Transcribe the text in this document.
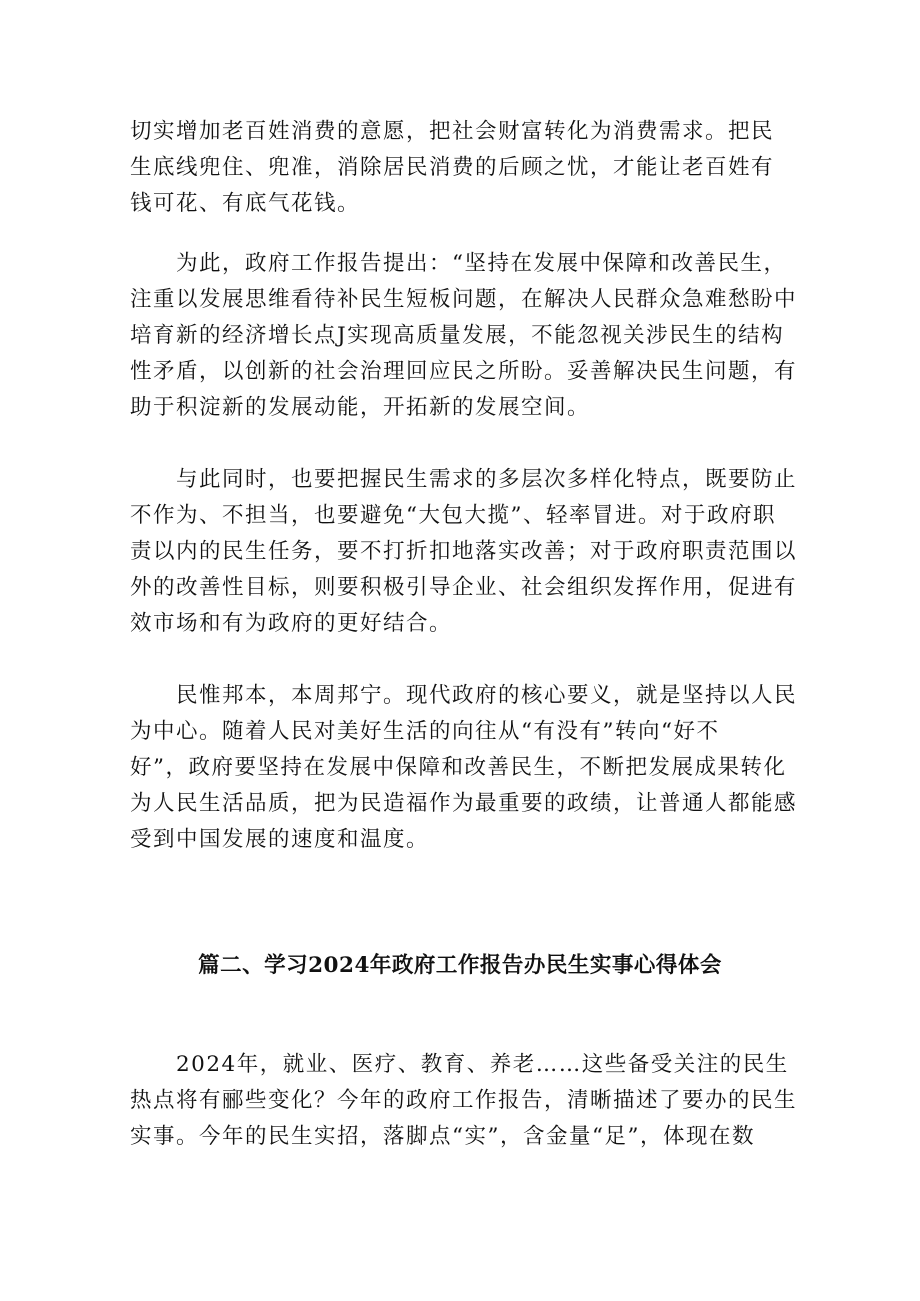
切实增加老百姓消费的意愿，把社会财富转化为消费需求。把民
生底线兜住、兜准，消除居民消费的后顾之忧，才能让老百姓有
钱可花、有底气花钱。
　　为此，政府工作报告提出：“坚持在发展中保障和改善民生，
注重以发展思维看待补民生短板问题，在解决人民群众急难愁盼中
培育新的经济增长点J实现高质量发展，不能忽视关涉民生的结构
性矛盾，以创新的社会治理回应民之所盼。妥善解决民生问题，有
助于积淀新的发展动能，开拓新的发展空间。
　　与此同时，也要把握民生需求的多层次多样化特点，既要防止
不作为、不担当，也要避免“大包大揽”、轻率冒进。对于政府职
责以内的民生任务，要不打折扣地落实改善；对于政府职责范围以
外的改善性目标，则要积极引导企业、社会组织发挥作用，促进有
效市场和有为政府的更好结合。
　　民惟邦本，本周邦宁。现代政府的核心要义，就是坚持以人民
为中心。随着人民对美好生活的向往从“有没有”转向“好不
好”，政府要坚持在发展中保障和改善民生，不断把发展成果转化
为人民生活品质，把为民造福作为最重要的政绩，让普通人都能感
受到中国发展的速度和温度。
篇二、学习2024年政府工作报告办民生实事心得体会
　　2024年，就业、医疗、教育、养老……这些备受关注的民生
热点将有郦些变化？今年的政府工作报告，清晰描述了要办的民生
实事。今年的民生实招，落脚点“实”，含金量“足”，体现在数
